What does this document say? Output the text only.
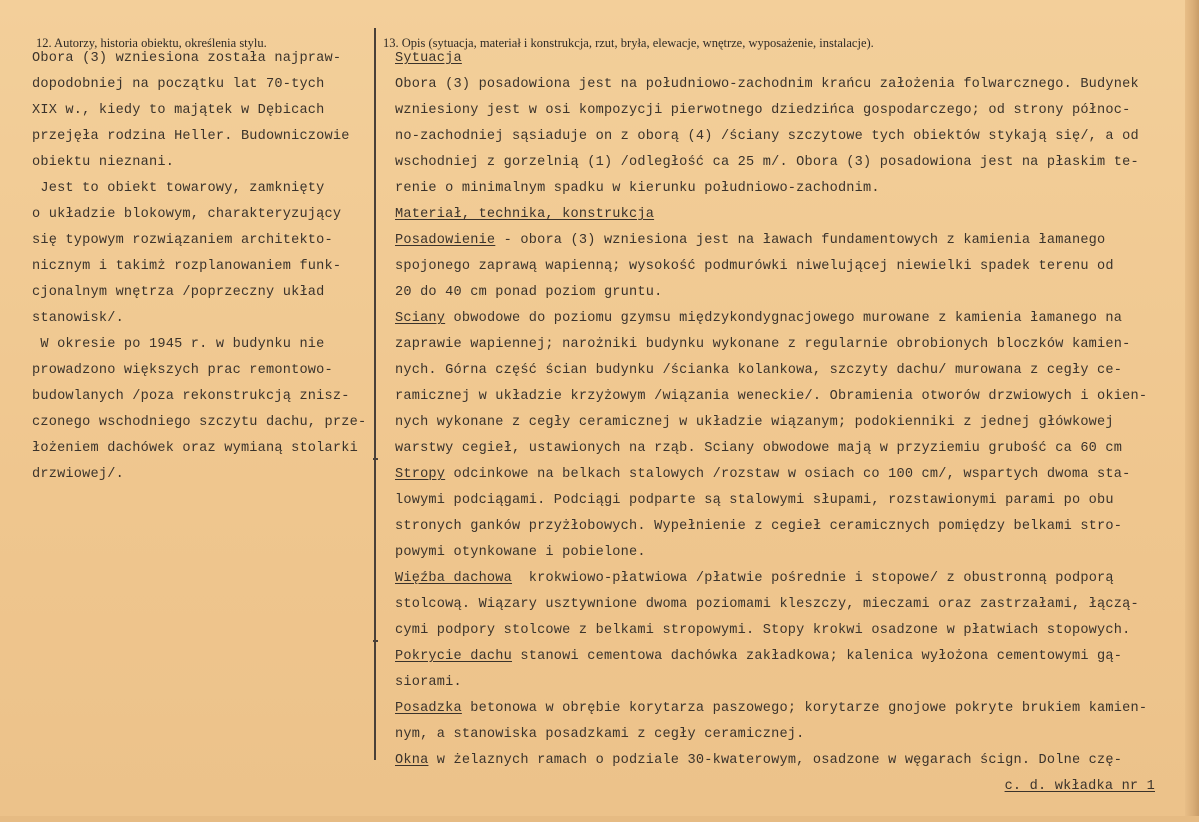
12. Autorzy, historia obiektu, określenia stylu.	13. Opis (sytuacja, materiał i konstrukcja, rzut, bryła, elewacje, wnętrze, wyposażenie, instalacje).
Obora (3) wzniesiona została najpraw-
dopodobniej na początku lat 70-tych
XIX w., kiedy to majątek w Dębicach
przejęła rodzina Heller. Budowniczowie
obiektu nieznani.
Jest to obiekt towarowy, zamknięty
o układzie blokowym, charakteryzujący
się typowym rozwiązaniem architekto-
nicznym i takimż rozplanowaniem funk-
cjonalnym wnętrza /poprzeczny układ
stanowisk/.
W okresie po 1945 r. w budynku nie
prowadzono większych prac remontowo-
budowlanych /poza rekonstrukcją znisz-
czonego wschodniego szczytu dachu, prze-
łożeniem dachówek oraz wymianą stolarki
drzwiowej/.
Sytuacja
Obora (3) posadowiona jest na południowo-zachodnim krańcu założenia folwarcznego. Budynek
wzniesiony jest w osi kompozycji pierwotnego dziedzińca gospodarczego; od strony północ-
no-zachodniej sąsiaduje on z oborą (4) /ściany szczytowe tych obiektów stykają się/, a od
wschodniej z gorzelnią (1) /odległość ca 25 m/. Obora (3) posadowiona jest na płaskim te-
renie o minimalnym spadku w kierunku południowo-zachodnim.
Materiał, technika, konstrukcja
Posadowienie - obora (3) wzniesiona jest na ławach fundamentowych z kamienia łamanego
spojonego zaprawą wapienną; wysokość podmurówki niwelującej niewielki spadek terenu od
20 do 40 cm ponad poziom gruntu.
Sciany obwodowe do poziomu gzymsu międzykondygnacjowego murowane z kamienia łamanego na
zaprawie wapiennej; narożniki budynku wykonane z regularnie obrobionych bloczków kamien-
nych. Górna część ścian budynku /ścianka kolankowa, szczyty dachu/ murowana z cegły ce-
ramicznej w układzie krzyżowym /wiązania weneckie/. Obramienia otworów drzwiowych i okien-
nych wykonane z cegły ceramicznej w układzie wiązanym; podokienniki z jednej główkowej
warstwy cegieł, ustawionych na rząb. Sciany obwodowe mają w przyziemiu grubość ca 60 cm
Stropy odcinkowe na belkach stalowych /rozstaw w osiach co 100 cm/, wspartych dwoma sta-
lowymi podciągami. Podciągi podparte są stalowymi słupami, rozstawionymi parami po obu
stronych ganków przyżłobowych. Wypełnienie z cegieł ceramicznych pomiędzy belkami stro-
powymi otynkowane i pobielone.
Więźba dachowa  krokwiowo-płatwiowa /płatwie pośrednie i stopowe/ z obustronną podporą
stolcową. Wiązary usztywnione dwoma poziomami kleszczy, mieczami oraz zastrzałami, łączą-
cymi podpory stolcowe z belkami stropowymi. Stopy krokwi osadzone w płatwiach stopowych.
Pokrycie dachu stanowi cementowa dachówka zakładkowa; kalenica wyłożona cementowymi gą-
siorami.
Posadzka betonowa w obrębie korytarza paszowego; korytarze gnojowe pokryte brukiem kamien-
nym, a stanowiska posadzkami z cegły ceramicznej.
Okna w żelaznych ramach o podziale 30-kwaterowym, osadzone w węgarach ścign. Dolne czę-
c. d. wkładka nr 1
